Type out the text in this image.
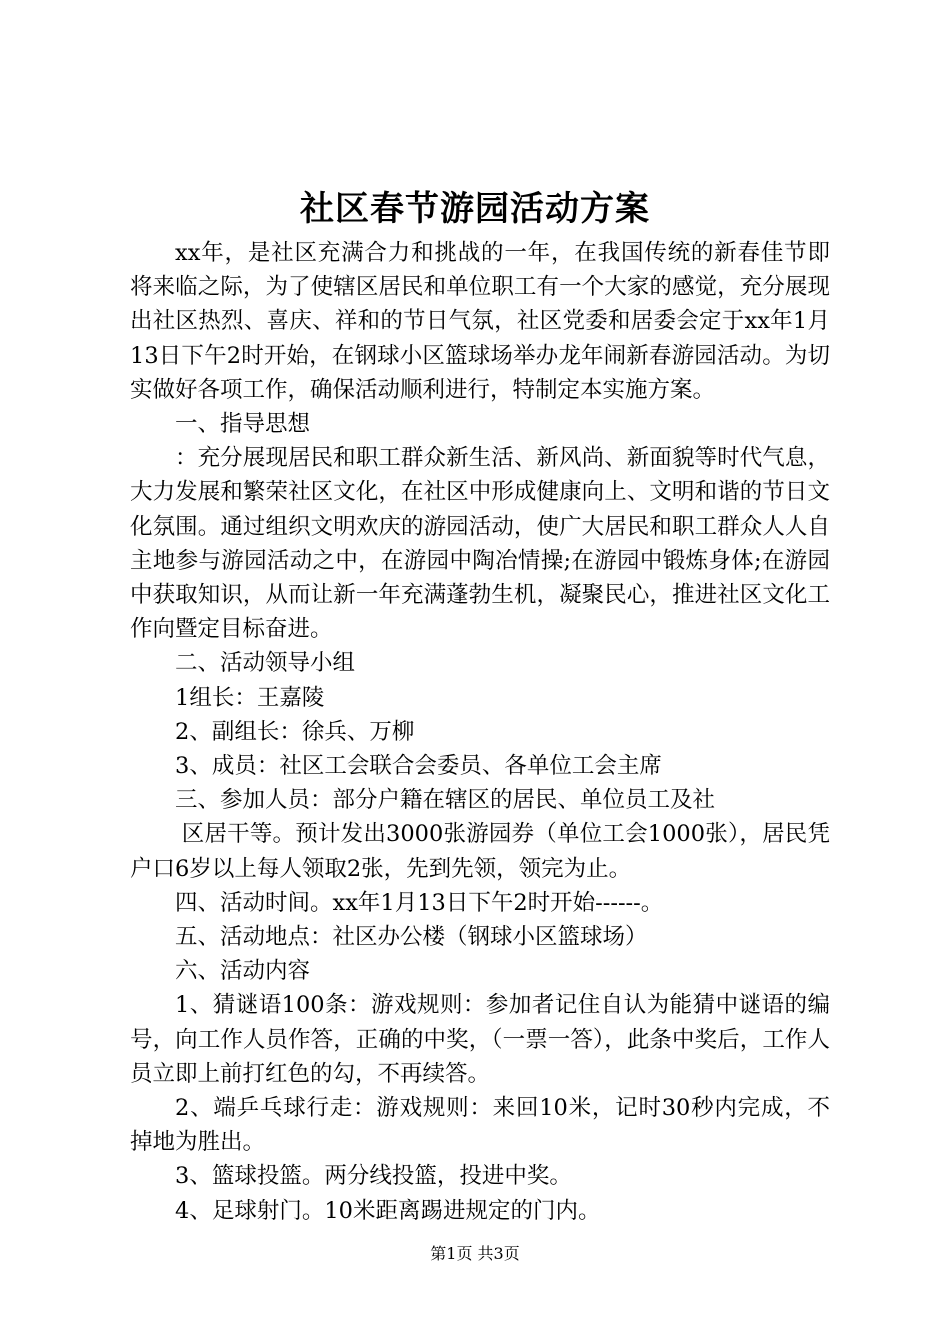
社区春节游园活动方案

xx年，是社区充满合力和挑战的一年，在我国传统的新春佳节即将来临之际，为了使辖区居民和单位职工有一个大家的感觉，充分展现出社区热烈、喜庆、祥和的节日气氛，社区党委和居委会定于xx年1月13日下午2时开始，在钢球小区篮球场举办龙年闹新春游园活动。为切实做好各项工作，确保活动顺利进行，特制定本实施方案。

一、指导思想

：充分展现居民和职工群众新生活、新风尚、新面貌等时代气息，大力发展和繁荣社区文化，在社区中形成健康向上、文明和谐的节日文化氛围。通过组织文明欢庆的游园活动，使广大居民和职工群众人人自主地参与游园活动之中，在游园中陶冶情操;在游园中锻炼身体;在游园中获取知识，从而让新一年充满蓬勃生机，凝聚民心，推进社区文化工作向暨定目标奋进。

二、活动领导小组

1组长：王嘉陵

2、副组长：徐兵、万柳

3、成员：社区工会联合会委员、各单位工会主席

三、参加人员：部分户籍在辖区的居民、单位员工及社

区居干等。预计发出3000张游园券（单位工会1000张），居民凭户口6岁以上每人领取2张，先到先领，领完为止。

四、活动时间。xx年1月13日下午2时开始------。

五、活动地点：社区办公楼（钢球小区篮球场）

六、活动内容

1、猜谜语100条：游戏规则：参加者记住自认为能猜中谜语的编号，向工作人员作答，正确的中奖，（一票一答），此条中奖后，工作人员立即上前打红色的勾，不再续答。

2、端乒乓球行走：游戏规则：来回10米，记时30秒内完成，不掉地为胜出。

3、篮球投篮。两分线投篮，投进中奖。

4、足球射门。10米距离踢进规定的门内。

第1页 共3页
